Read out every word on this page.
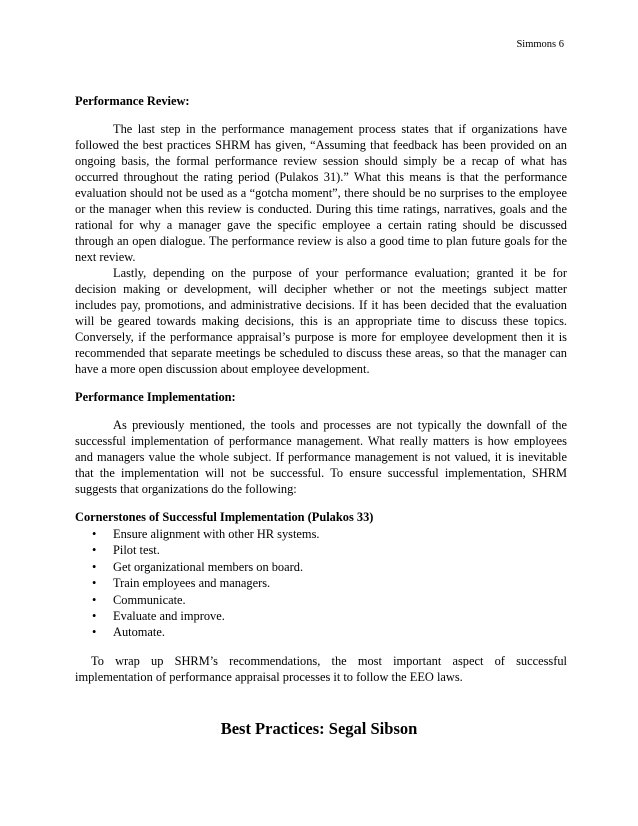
Simmons 6
Performance Review:

The last step in the performance management process states that if organizations have followed the best practices SHRM has given, “Assuming that feedback has been provided on an ongoing basis, the formal performance review session should simply be a recap of what has occurred throughout the rating period (Pulakos 31).” What this means is that the performance evaluation should not be used as a “gotcha moment”, there should be no surprises to the employee or the manager when this review is conducted. During this time ratings, narratives, goals and the rational for why a manager gave the specific employee a certain rating should be discussed through an open dialogue. The performance review is also a good time to plan future goals for the next review.

Lastly, depending on the purpose of your performance evaluation; granted it be for decision making or development, will decipher whether or not the meetings subject matter includes pay, promotions, and administrative decisions. If it has been decided that the evaluation will be geared towards making decisions, this is an appropriate time to discuss these topics. Conversely, if the performance appraisal’s purpose is more for employee development then it is recommended that separate meetings be scheduled to discuss these areas, so that the manager can have a more open discussion about employee development.

Performance Implementation:

As previously mentioned, the tools and processes are not typically the downfall of the successful implementation of performance management. What really matters is how employees and managers value the whole subject. If performance management is not valued, it is inevitable that the implementation will not be successful. To ensure successful implementation, SHRM suggests that organizations do the following:

Cornerstones of Successful Implementation (Pulakos 33)
• Ensure alignment with other HR systems.
• Pilot test.
• Get organizational members on board.
• Train employees and managers.
• Communicate.
• Evaluate and improve.
• Automate.

To wrap up SHRM’s recommendations, the most important aspect of successful implementation of performance appraisal processes it to follow the EEO laws.

Best Practices: Segal Sibson
